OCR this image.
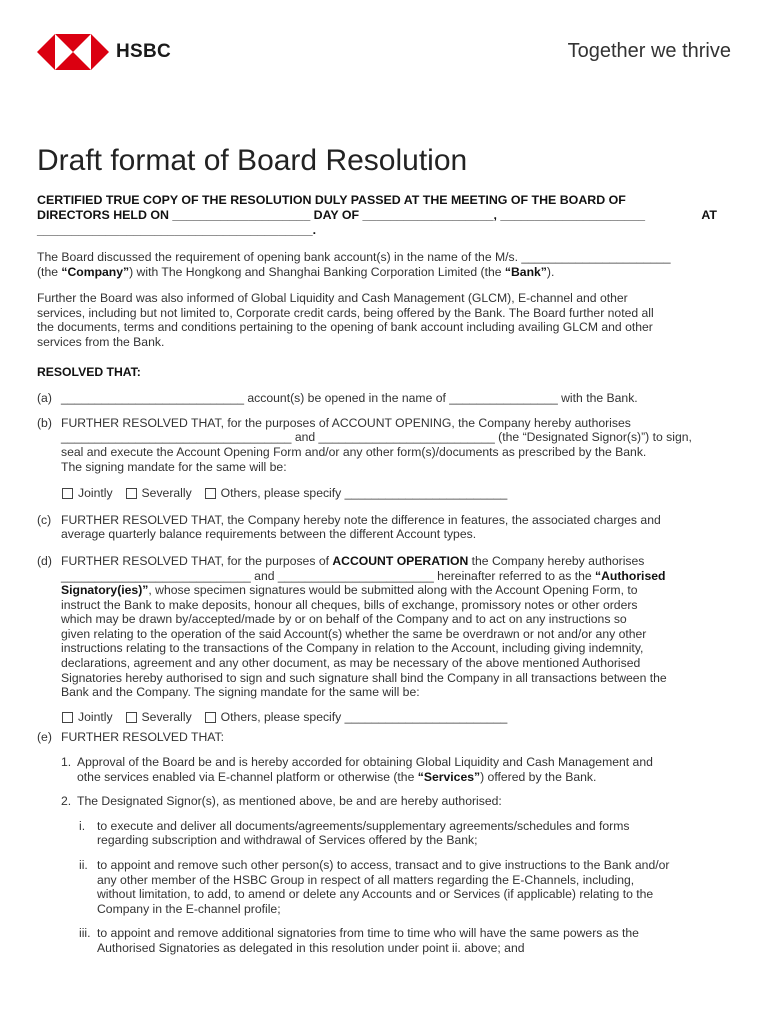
HSBC	Together we thrive
Draft format of Board Resolution

CERTIFIED TRUE COPY OF THE RESOLUTION DULY PASSED AT THE MEETING OF THE BOARD OF

DIRECTORS HELD ON ____________________ DAY OF ___________________, _____________________	AT

________________________________________.

The Board discussed the requirement of opening bank account(s) in the name of the M/s. ______________________

(the “Company”) with The Hongkong and Shanghai Banking Corporation Limited (the “Bank”).

Further the Board was also informed of Global Liquidity and Cash Management (GLCM), E-channel and other

services, including but not limited to, Corporate credit cards, being offered by the Bank. The Board further noted all

the documents, terms and conditions pertaining to the opening of bank account including availing GLCM and other

services from the Bank.

RESOLVED THAT:

(a) ___________________________ account(s) be opened in the name of ________________ with the Bank.
(b) FURTHER RESOLVED THAT, for the purposes of ACCOUNT OPENING, the Company hereby authorises

__________________________________ and __________________________ (the “Designated Signor(s)”) to sign,

seal and execute the Account Opening Form and/or any other form(s)/documents as prescribed by the Bank.

The signing mandate for the same will be:

Jointly Severally Others, please specify ________________________
(c) FURTHER RESOLVED THAT, the Company hereby note the difference in features, the associated charges and

average quarterly balance requirements between the different Account types.

(d) FURTHER RESOLVED THAT, for the purposes of ACCOUNT OPERATION the Company hereby authorises

____________________________ and _______________________ hereinafter referred to as the “Authorised

Signatory(ies)”, whose specimen signatures would be submitted along with the Account Opening Form, to

instruct the Bank to make deposits, honour all cheques, bills of exchange, promissory notes or other orders

which may be drawn by/accepted/made by or on behalf of the Company and to act on any instructions so

given relating to the operation of the said Account(s) whether the same be overdrawn or not and/or any other

instructions relating to the transactions of the Company in relation to the Account, including giving indemnity,

declarations, agreement and any other document, as may be necessary of the above mentioned Authorised

Signatories hereby authorised to sign and such signature shall bind the Company in all transactions between the

Bank and the Company. The signing mandate for the same will be:

Jointly Severally Others, please specify ________________________
(e) FURTHER RESOLVED THAT:
1. Approval of the Board be and is hereby accorded for obtaining Global Liquidity and Cash Management and

othe services enabled via E-channel platform or otherwise (the “Services”) offered by the Bank.

2. The Designated Signor(s), as mentioned above, be and are hereby authorised:
i. to execute and deliver all documents/agreements/supplementary agreements/schedules and forms

regarding subscription and withdrawal of Services offered by the Bank;

ii. to appoint and remove such other person(s) to access, transact and to give instructions to the Bank and/or

any other member of the HSBC Group in respect of all matters regarding the E-Channels, including,

without limitation, to add, to amend or delete any Accounts and or Services (if applicable) relating to the

Company in the E-channel profile;

iii. to appoint and remove additional signatories from time to time who will have the same powers as the

Authorised Signatories as delegated in this resolution under point ii. above; and
